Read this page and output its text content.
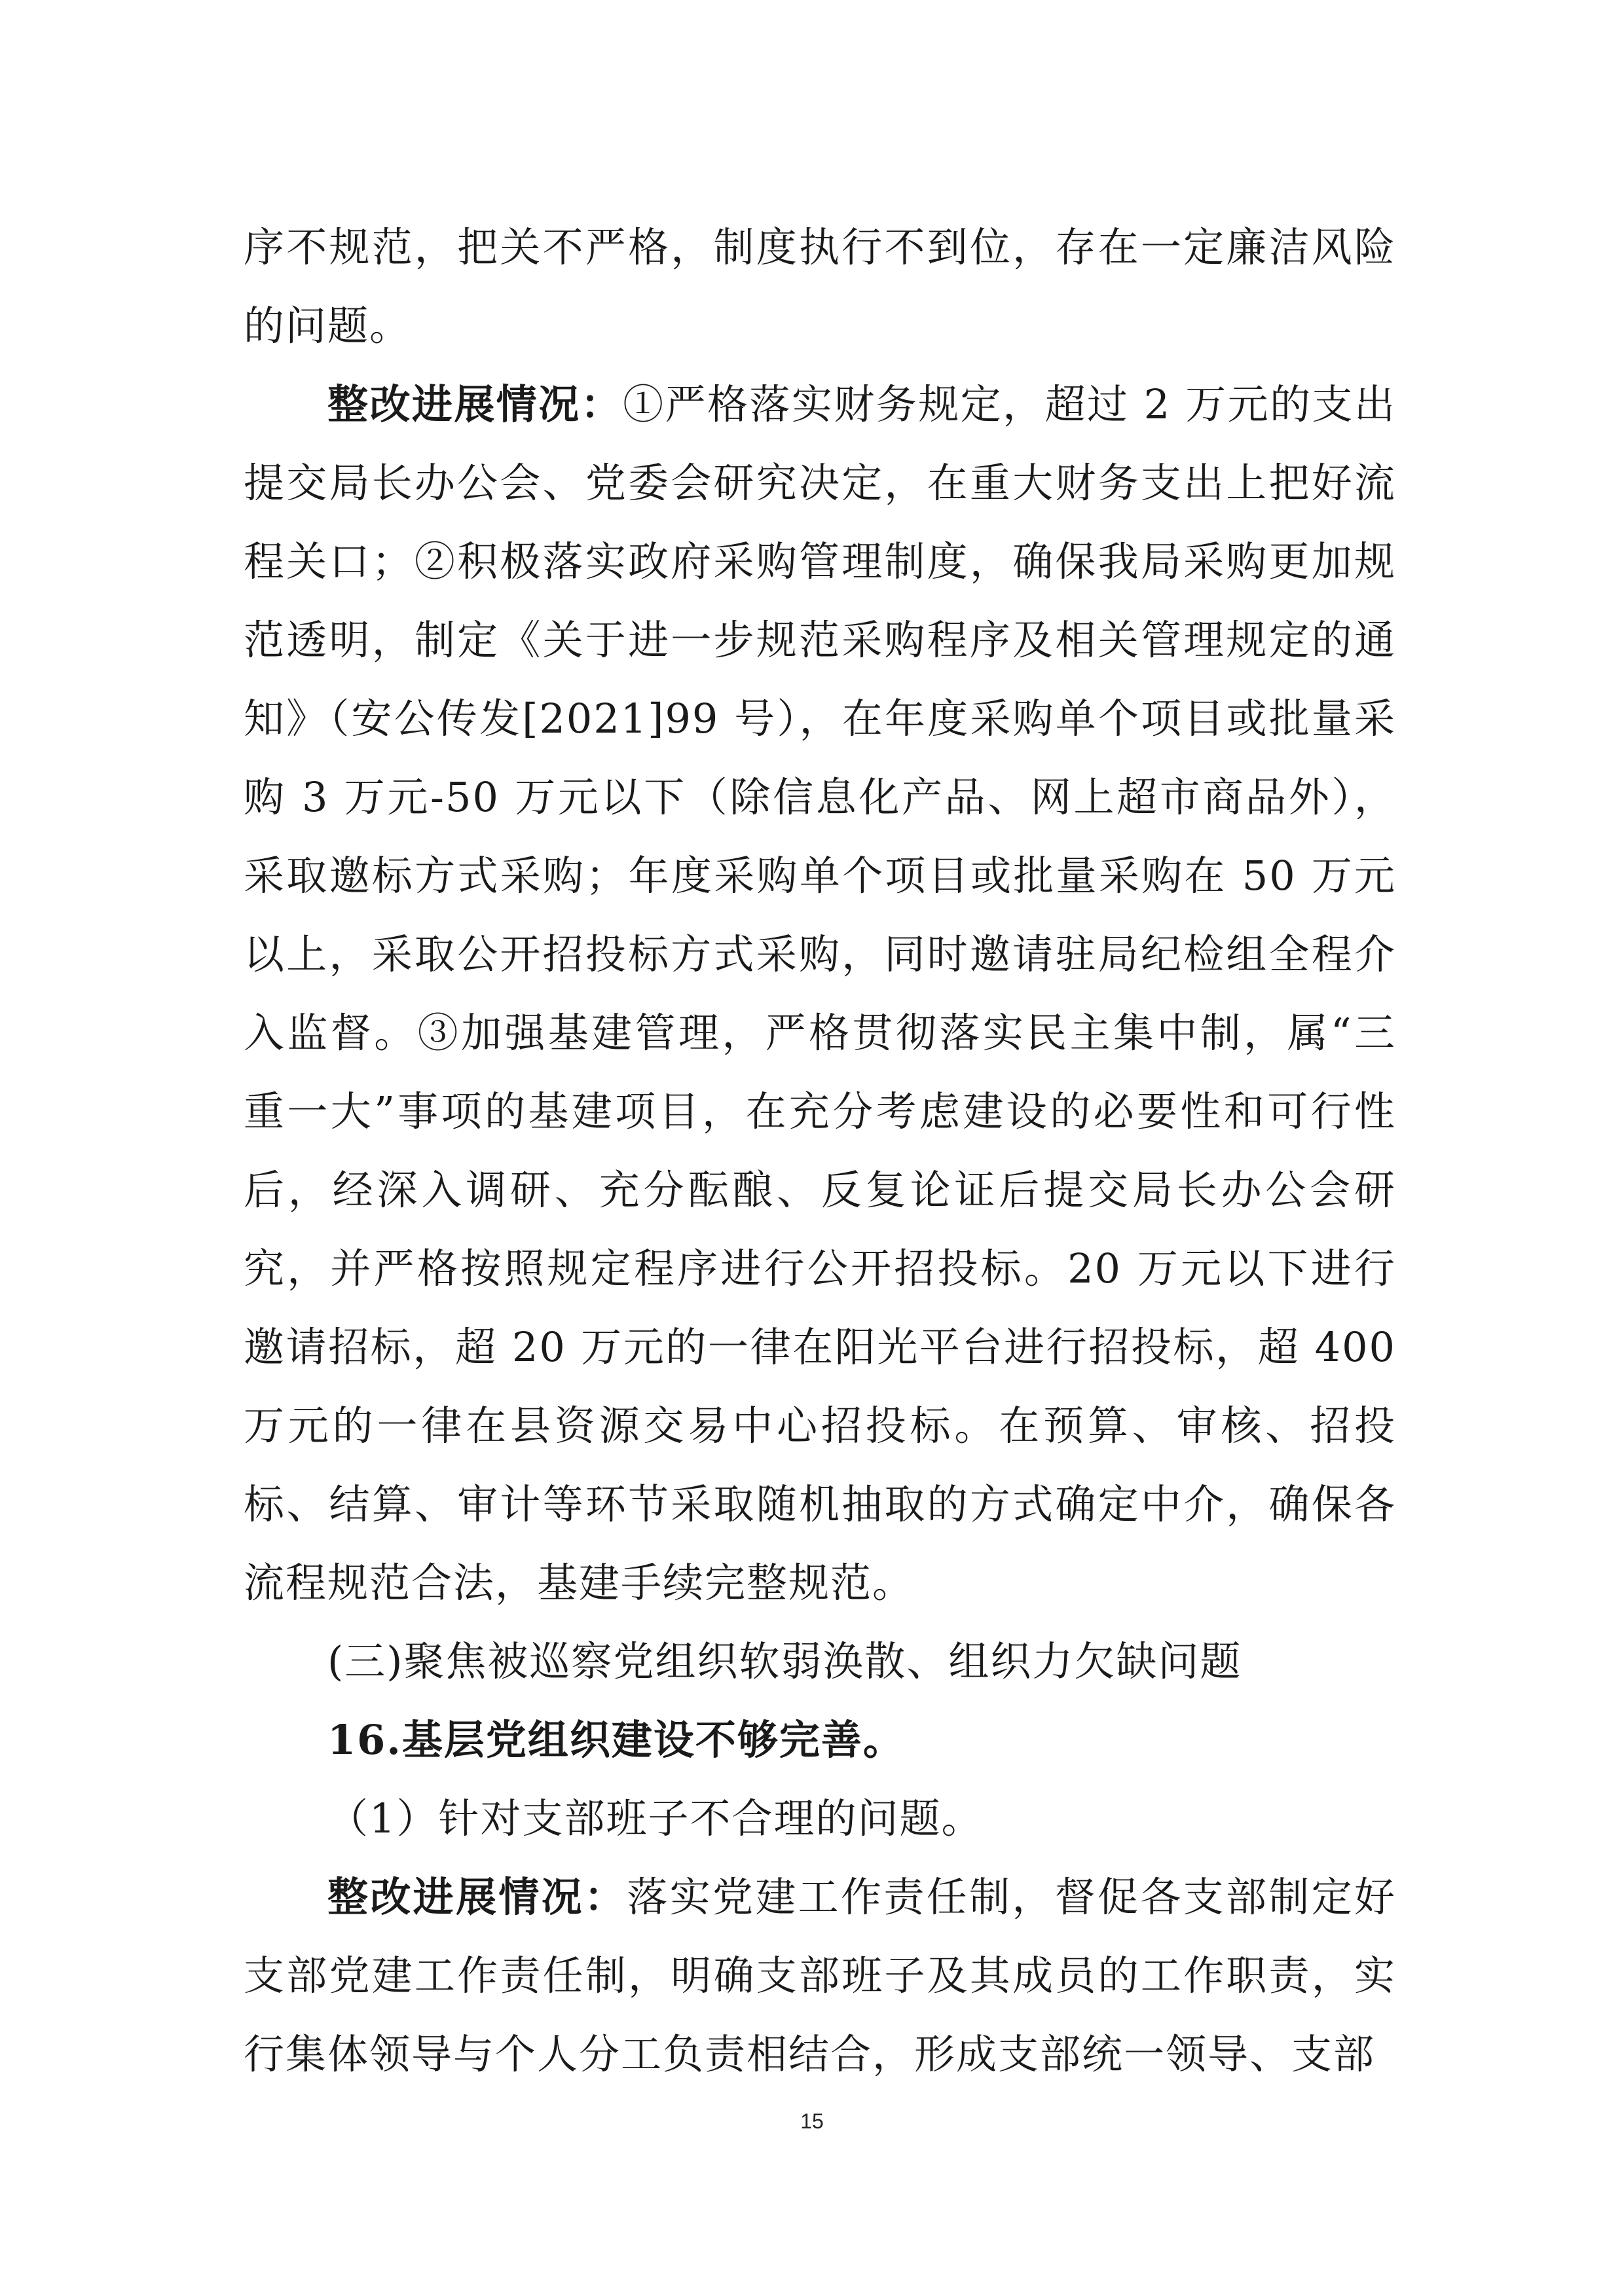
序不规范，把关不严格，制度执行不到位，存在一定廉洁风险的问题。

整改进展情况：①严格落实财务规定，超过 2 万元的支出提交局长办公会、党委会研究决定，在重大财务支出上把好流程关口；②积极落实政府采购管理制度，确保我局采购更加规范透明，制定《关于进一步规范采购程序及相关管理规定的通知》（安公传发[2021]99 号），在年度采购单个项目或批量采购 3 万元-50 万元以下（除信息化产品、网上超市商品外），采取邀标方式采购；年度采购单个项目或批量采购在 50 万元以上，采取公开招投标方式采购，同时邀请驻局纪检组全程介入监督。③加强基建管理，严格贯彻落实民主集中制，属“三重一大”事项的基建项目，在充分考虑建设的必要性和可行性后，经深入调研、充分酝酿、反复论证后提交局长办公会研究，并严格按照规定程序进行公开招投标。20 万元以下进行邀请招标，超 20 万元的一律在阳光平台进行招投标，超 400 万元的一律在县资源交易中心招投标。在预算、审核、招投标、结算、审计等环节采取随机抽取的方式确定中介，确保各流程规范合法，基建手续完整规范。

(三)聚焦被巡察党组织软弱涣散、组织力欠缺问题

16.基层党组织建设不够完善。

（1）针对支部班子不合理的问题。

整改进展情况：落实党建工作责任制，督促各支部制定好支部党建工作责任制，明确支部班子及其成员的工作职责，实行集体领导与个人分工负责相结合，形成支部统一领导、支部

15
